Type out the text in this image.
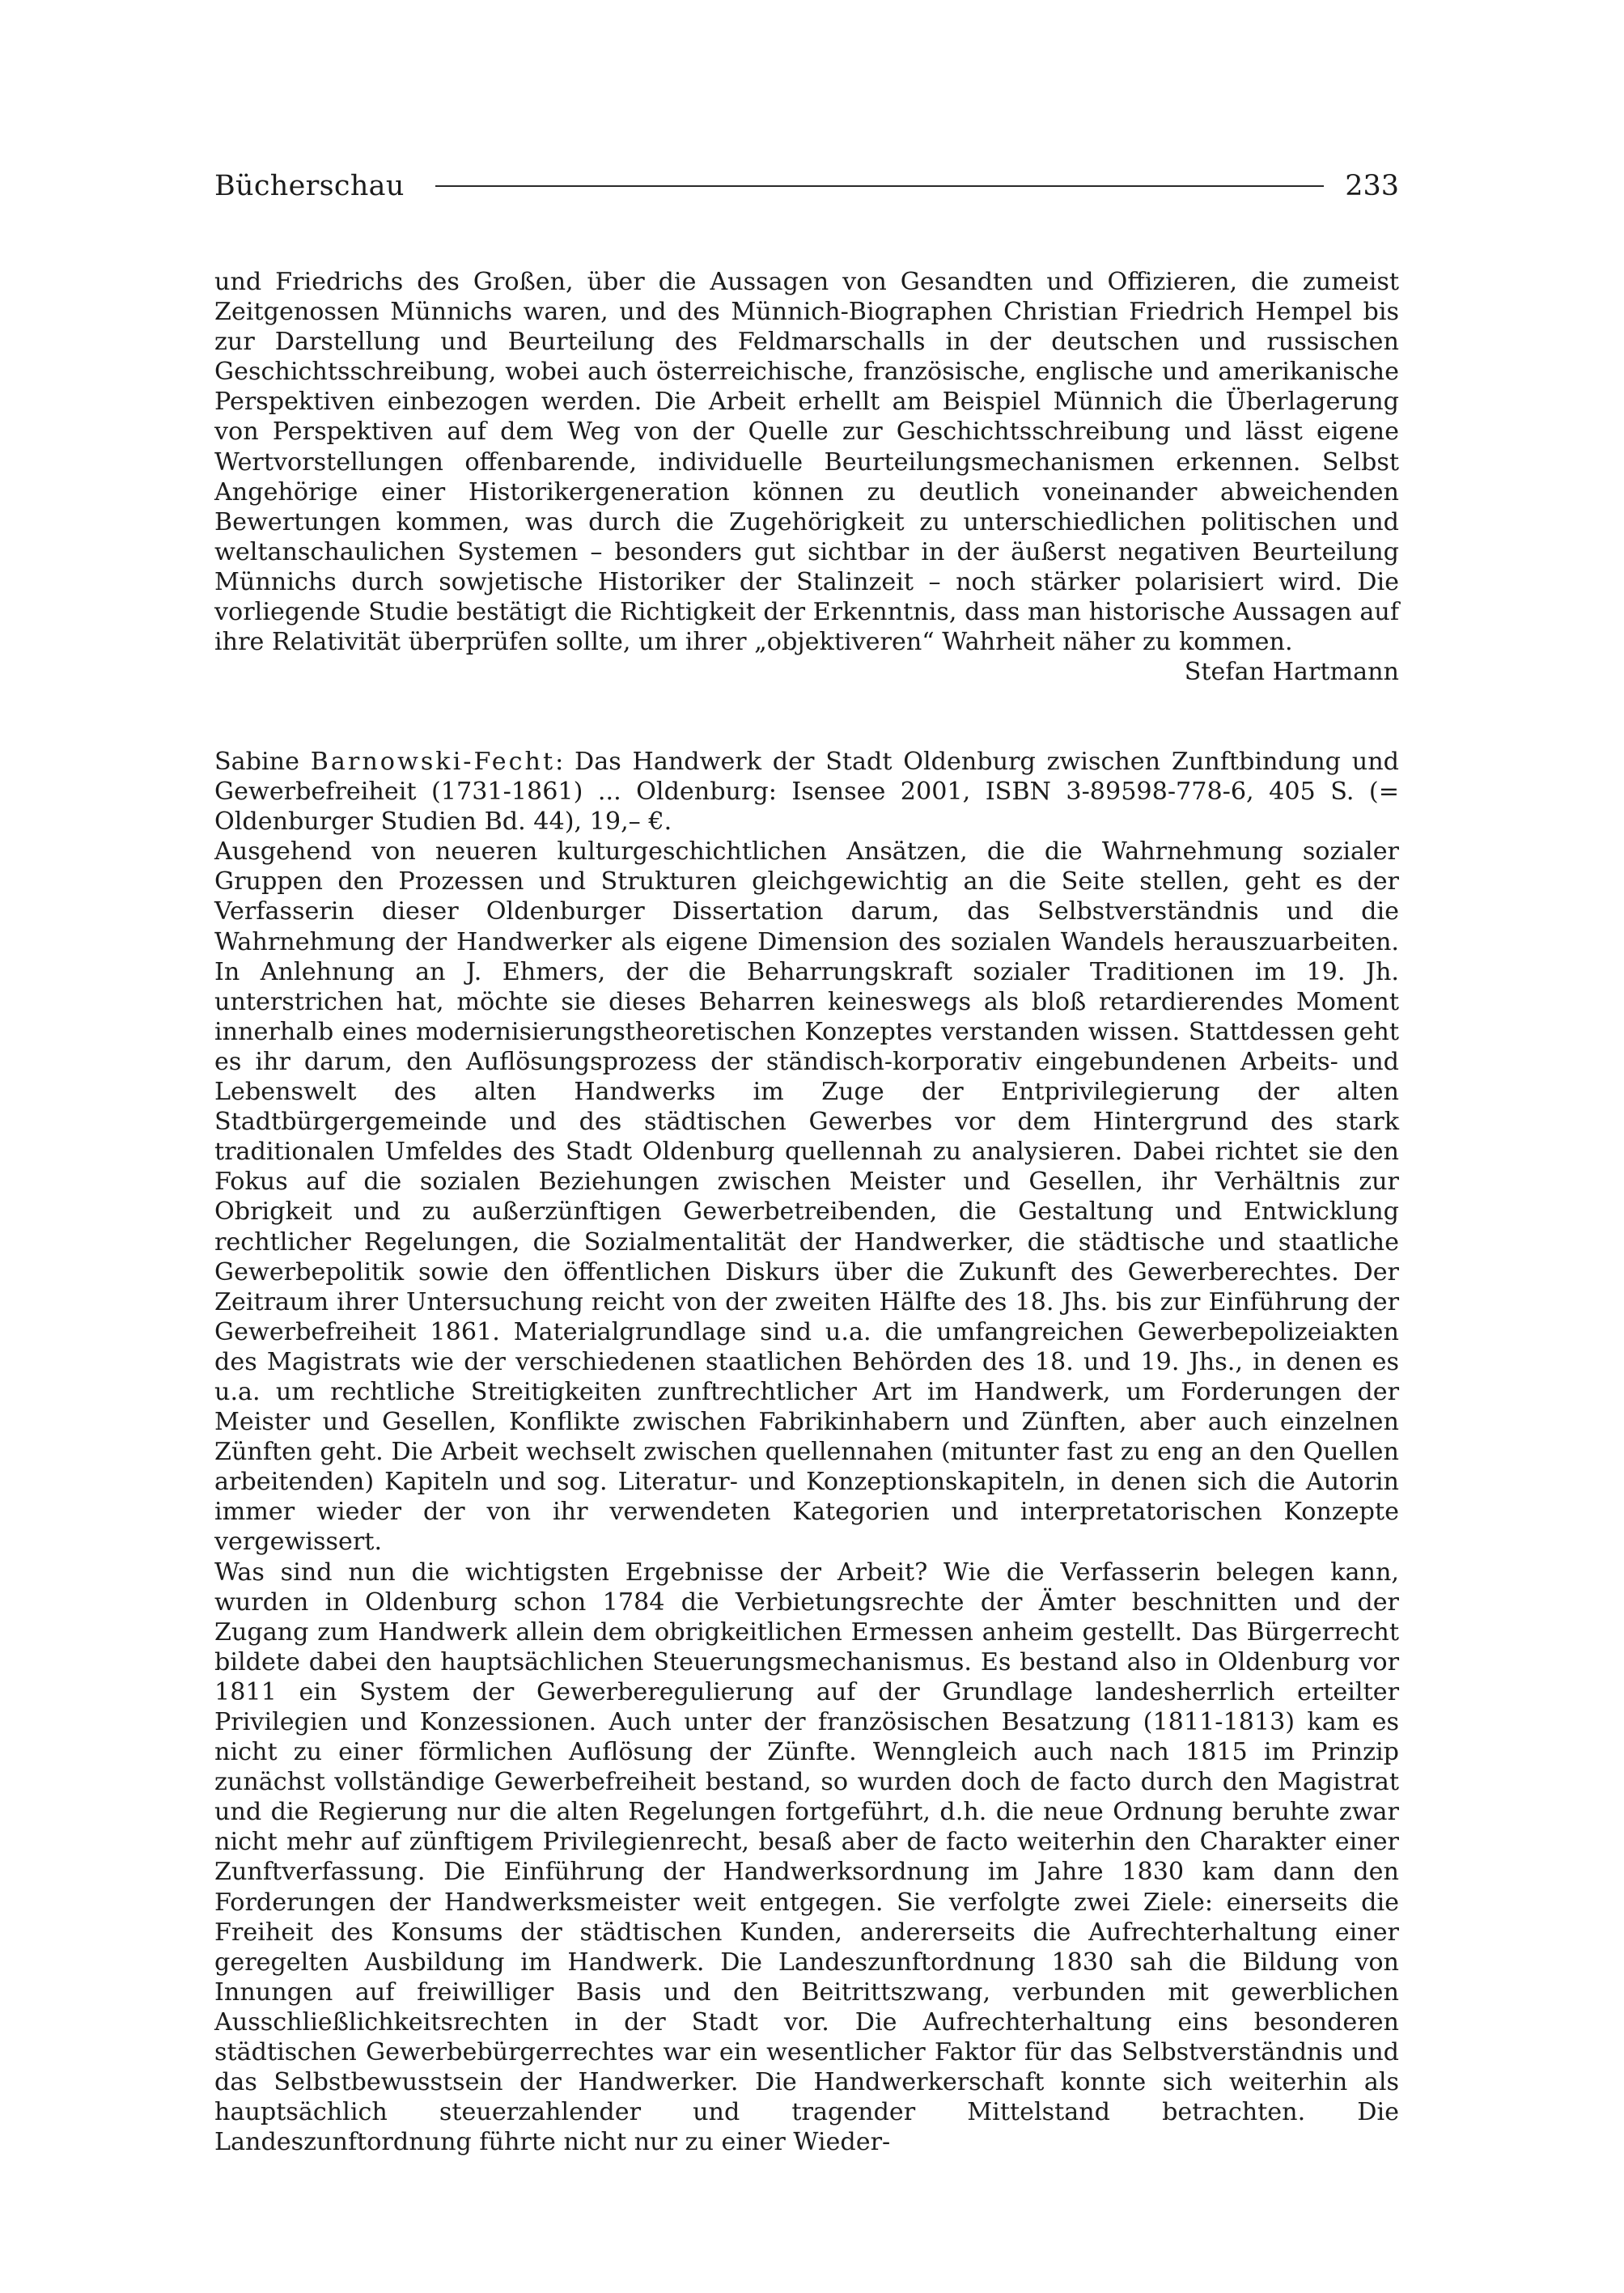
Bücherschau	233

und Friedrichs des Großen, über die Aussagen von Gesandten und Offizieren, die zumeist Zeitgenossen Münnichs waren, und des Münnich-Biographen Christian Friedrich Hempel bis zur Darstellung und Beurteilung des Feldmarschalls in der deutschen und russischen Geschichtsschreibung, wobei auch österreichische, französische, englische und amerikanische Perspektiven einbezogen werden. Die Arbeit erhellt am Beispiel Münnich die Überlagerung von Perspektiven auf dem Weg von der Quelle zur Geschichtsschreibung und lässt eigene Wertvorstellungen offenbarende, individuelle Beurteilungsmechanismen erkennen. Selbst Angehörige einer Historikergeneration können zu deutlich voneinander abweichenden Bewertungen kommen, was durch die Zugehörigkeit zu unterschiedlichen politischen und weltanschaulichen Systemen – besonders gut sichtbar in der äußerst negativen Beurteilung Münnichs durch sowjetische Historiker der Stalinzeit – noch stärker polarisiert wird. Die vorliegende Studie bestätigt die Richtigkeit der Erkenntnis, dass man historische Aussagen auf ihre Relativität überprüfen sollte, um ihrer „objektiveren“ Wahrheit näher zu kommen.

Stefan Hartmann

Sabine Barnowski-Fecht: Das Handwerk der Stadt Oldenburg zwischen Zunftbindung und Gewerbefreiheit (1731-1861) ... Oldenburg: Isensee 2001, ISBN 3-89598-778-6, 405 S. (= Oldenburger Studien Bd. 44), 19,– €.

Ausgehend von neueren kulturgeschichtlichen Ansätzen, die die Wahrnehmung sozialer Gruppen den Prozessen und Strukturen gleichgewichtig an die Seite stellen, geht es der Verfasserin dieser Oldenburger Dissertation darum, das Selbstverständnis und die Wahrnehmung der Handwerker als eigene Dimension des sozialen Wandels herauszuarbeiten. In Anlehnung an J. Ehmers, der die Beharrungskraft sozialer Traditionen im 19. Jh. unterstrichen hat, möchte sie dieses Beharren keineswegs als bloß retardierendes Moment innerhalb eines modernisierungstheoretischen Konzeptes verstanden wissen. Stattdessen geht es ihr darum, den Auflösungsprozess der ständisch-korporativ eingebundenen Arbeits- und Lebenswelt des alten Handwerks im Zuge der Entprivilegierung der alten Stadtbürgergemeinde und des städtischen Gewerbes vor dem Hintergrund des stark traditionalen Umfeldes des Stadt Oldenburg quellennah zu analysieren. Dabei richtet sie den Fokus auf die sozialen Beziehungen zwischen Meister und Gesellen, ihr Verhältnis zur Obrigkeit und zu außerzünftigen Gewerbetreibenden, die Gestaltung und Entwicklung rechtlicher Regelungen, die Sozialmentalität der Handwerker, die städtische und staatliche Gewerbepolitik sowie den öffentlichen Diskurs über die Zukunft des Gewerberechtes. Der Zeitraum ihrer Untersuchung reicht von der zweiten Hälfte des 18. Jhs. bis zur Einführung der Gewerbefreiheit 1861. Materialgrundlage sind u.a. die umfangreichen Gewerbepolizeiakten des Magistrats wie der verschiedenen staatlichen Behörden des 18. und 19. Jhs., in denen es u.a. um rechtliche Streitigkeiten zunftrechtlicher Art im Handwerk, um Forderungen der Meister und Gesellen, Konflikte zwischen Fabrikinhabern und Zünften, aber auch einzelnen Zünften geht. Die Arbeit wechselt zwischen quellennahen (mitunter fast zu eng an den Quellen arbeitenden) Kapiteln und sog. Literatur- und Konzeptionskapiteln, in denen sich die Autorin immer wieder der von ihr verwendeten Kategorien und interpretatorischen Konzepte vergewissert.

Was sind nun die wichtigsten Ergebnisse der Arbeit? Wie die Verfasserin belegen kann, wurden in Oldenburg schon 1784 die Verbietungsrechte der Ämter beschnitten und der Zugang zum Handwerk allein dem obrigkeitlichen Ermessen anheim gestellt. Das Bürgerrecht bildete dabei den hauptsächlichen Steuerungsmechanismus. Es bestand also in Oldenburg vor 1811 ein System der Gewerberegulierung auf der Grundlage landesherrlich erteilter Privilegien und Konzessionen. Auch unter der französischen Besatzung (1811-1813) kam es nicht zu einer förmlichen Auflösung der Zünfte. Wenngleich auch nach 1815 im Prinzip zunächst vollständige Gewerbefreiheit bestand, so wurden doch de facto durch den Magistrat und die Regierung nur die alten Regelungen fortgeführt, d.h. die neue Ordnung beruhte zwar nicht mehr auf zünftigem Privilegienrecht, besaß aber de facto weiterhin den Charakter einer Zunftverfassung. Die Einführung der Handwerksordnung im Jahre 1830 kam dann den Forderungen der Handwerksmeister weit entgegen. Sie verfolgte zwei Ziele: einerseits die Freiheit des Konsums der städtischen Kunden, andererseits die Aufrechterhaltung einer geregelten Ausbildung im Handwerk. Die Landeszunftordnung 1830 sah die Bildung von Innungen auf freiwilliger Basis und den Beitrittszwang, verbunden mit gewerblichen Ausschließlichkeitsrechten in der Stadt vor. Die Aufrechterhaltung eins besonderen städtischen Gewerbebürgerrechtes war ein wesentlicher Faktor für das Selbstverständnis und das Selbstbewusstsein der Handwerker. Die Handwerkerschaft konnte sich weiterhin als hauptsächlich steuerzahlender und tragender Mittelstand betrachten. Die Landeszunftordnung führte nicht nur zu einer Wieder-
